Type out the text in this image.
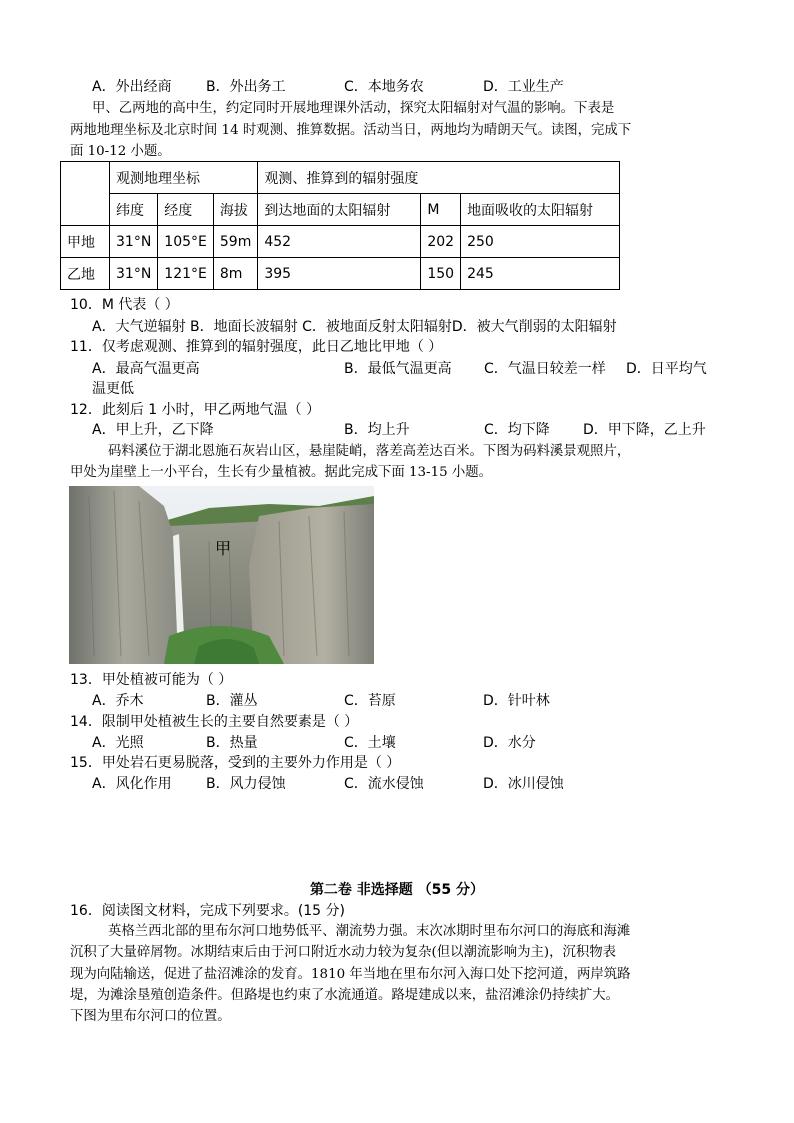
A．外出经商 B．外出务工	C．本地务农	D．工业生产
甲、乙两地的高中生，约定同时开展地理课外活动，探究太阳辐射对气温的影响。下表是
两地地理坐标及北京时间 14 时观测、推算数据。活动当日，两地均为晴朗天气。读图，完成下
面 10-12 小题。
	观测地理坐标			观测、推算到的辐射强度		
	纬度	经度	海拔	到达地面的太阳辐射	M	地面吸收的太阳辐射
甲地	31°N	105°E	59m	452	202	250
乙地	31°N	121°E	8m	395	150	245
10．M 代表（ ）
A．大气逆辐射 B．地面长波辐射 C．被地面反射太阳辐射D．被大气削弱的太阳辐射
11．仅考虑观测、推算到的辐射强度，此日乙地比甲地（ ）
A．最高气温更高	B．最低气温更高 C．气温日较差一样 D．日平均气
温更低
12．此刻后 1 小时，甲乙两地气温（ ）
A．甲上升，乙下降	B．均上升	C．均下降 D．甲下降，乙上升
码料溪位于湖北恩施石灰岩山区，悬崖陡峭，落差高差达百米。下图为码料溪景观照片，
甲处为崖壁上一小平台，生长有少量植被。据此完成下面 13-15 小题。
甲
13．甲处植被可能为（ ）
A．乔木	B．灌丛	C．苔原	D．针叶林
14．限制甲处植被生长的主要自然要素是（ ）
A．光照	B．热量	C．土壤	D．水分
15．甲处岩石更易脱落，受到的主要外力作用是（ ）
A．风化作用 B．风力侵蚀	C．流水侵蚀	D．冰川侵蚀
第二卷 非选择题 （55 分）
16．阅读图文材料，完成下列要求。(15 分)
英格兰西北部的里布尔河口地势低平、潮流势力强。末次冰期时里布尔河口的海底和海滩
沉积了大量碎屑物。冰期结束后由于河口附近水动力较为复杂(但以潮流影响为主)，沉积物表
现为向陆输送，促进了盐沼滩涂的发育。1810 年当地在里布尔河入海口处下挖河道，两岸筑路
堤，为滩涂垦殖创造条件。但路堤也约束了水流通道。路堤建成以来，盐沼滩涂仍持续扩大。
下图为里布尔河口的位置。
